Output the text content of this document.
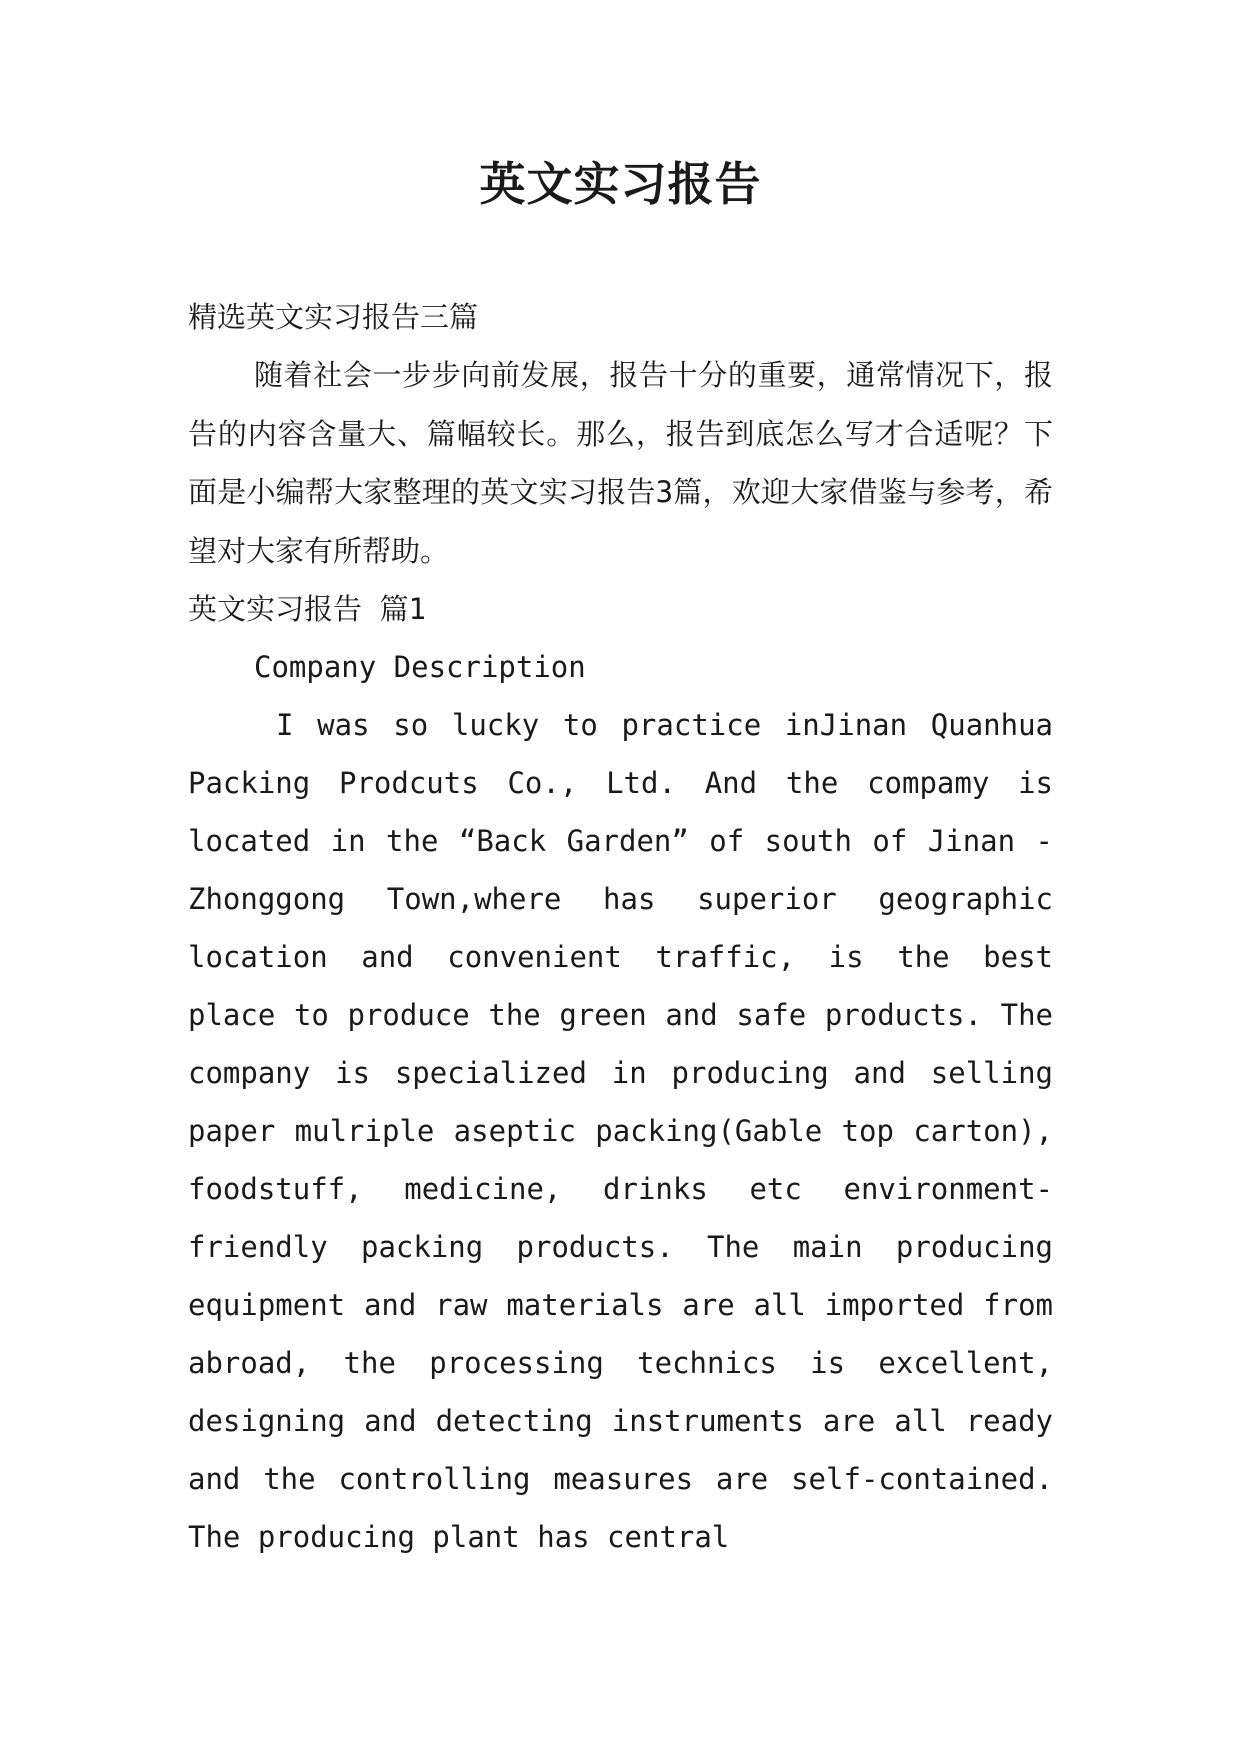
英文实习报告
精选英文实习报告三篇
随着社会一步步向前发展，报告十分的重要，通常情况下，报告的内容含量大、篇幅较长。那么，报告到底怎么写才合适呢？下面是小编帮大家整理的英文实习报告3篇，欢迎大家借鉴与参考，希望对大家有所帮助。
英文实习报告 篇1
Company Description
I was so lucky to practice inJinan Quanhua Packing Prodcuts Co., Ltd. And the compamy is located in the “Back Garden” of south of Jinan - Zhonggong Town,where has superior geographic location and convenient traffic, is the best place to produce the green and safe products. The company is specialized in producing and selling paper mulriple aseptic packing(Gable top carton), foodstuff, medicine, drinks etc environment-friendly packing products. The main producing equipment and raw materials are all imported from abroad, the processing technics is excellent, designing and detecting instruments are all ready and the controlling measures are self-contained. The producing plant has central
